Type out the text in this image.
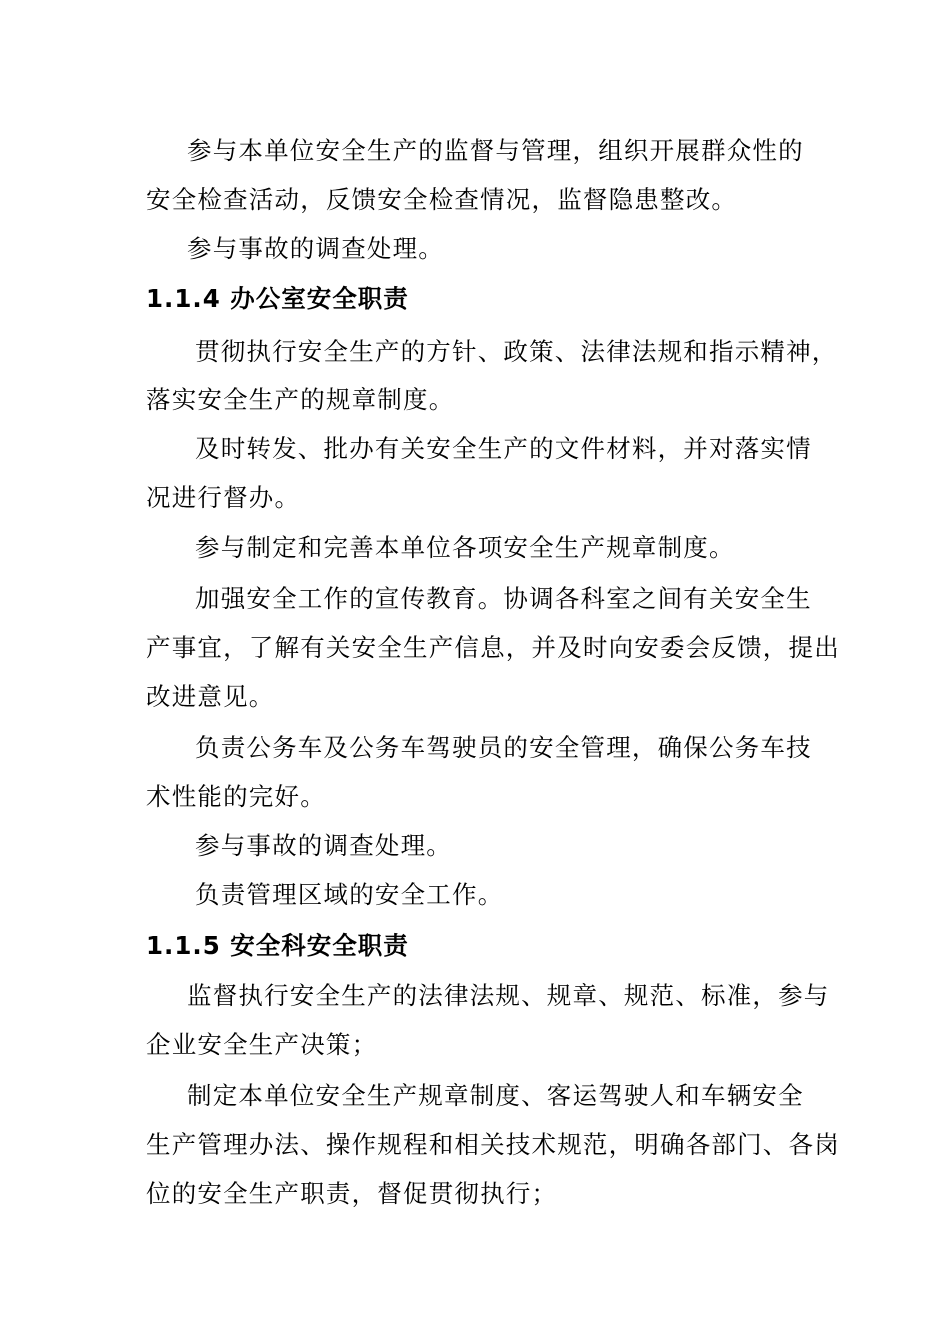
参与本单位安全生产的监督与管理，组织开展群众性的
安全检查活动，反馈安全检查情况，监督隐患整改。
参与事故的调查处理。
1.1.4 办公室安全职责
贯彻执行安全生产的方针、政策、法律法规和指示精神，
落实安全生产的规章制度。
及时转发、批办有关安全生产的文件材料，并对落实情
况进行督办。
参与制定和完善本单位各项安全生产规章制度。
加强安全工作的宣传教育。协调各科室之间有关安全生
产事宜，了解有关安全生产信息，并及时向安委会反馈，提出
改进意见。
负责公务车及公务车驾驶员的安全管理，确保公务车技
术性能的完好。
参与事故的调查处理。
负责管理区域的安全工作。
1.1.5 安全科安全职责
监督执行安全生产的法律法规、规章、规范、标准，参与
企业安全生产决策；
制定本单位安全生产规章制度、客运驾驶人和车辆安全
生产管理办法、操作规程和相关技术规范，明确各部门、各岗
位的安全生产职责，督促贯彻执行；
